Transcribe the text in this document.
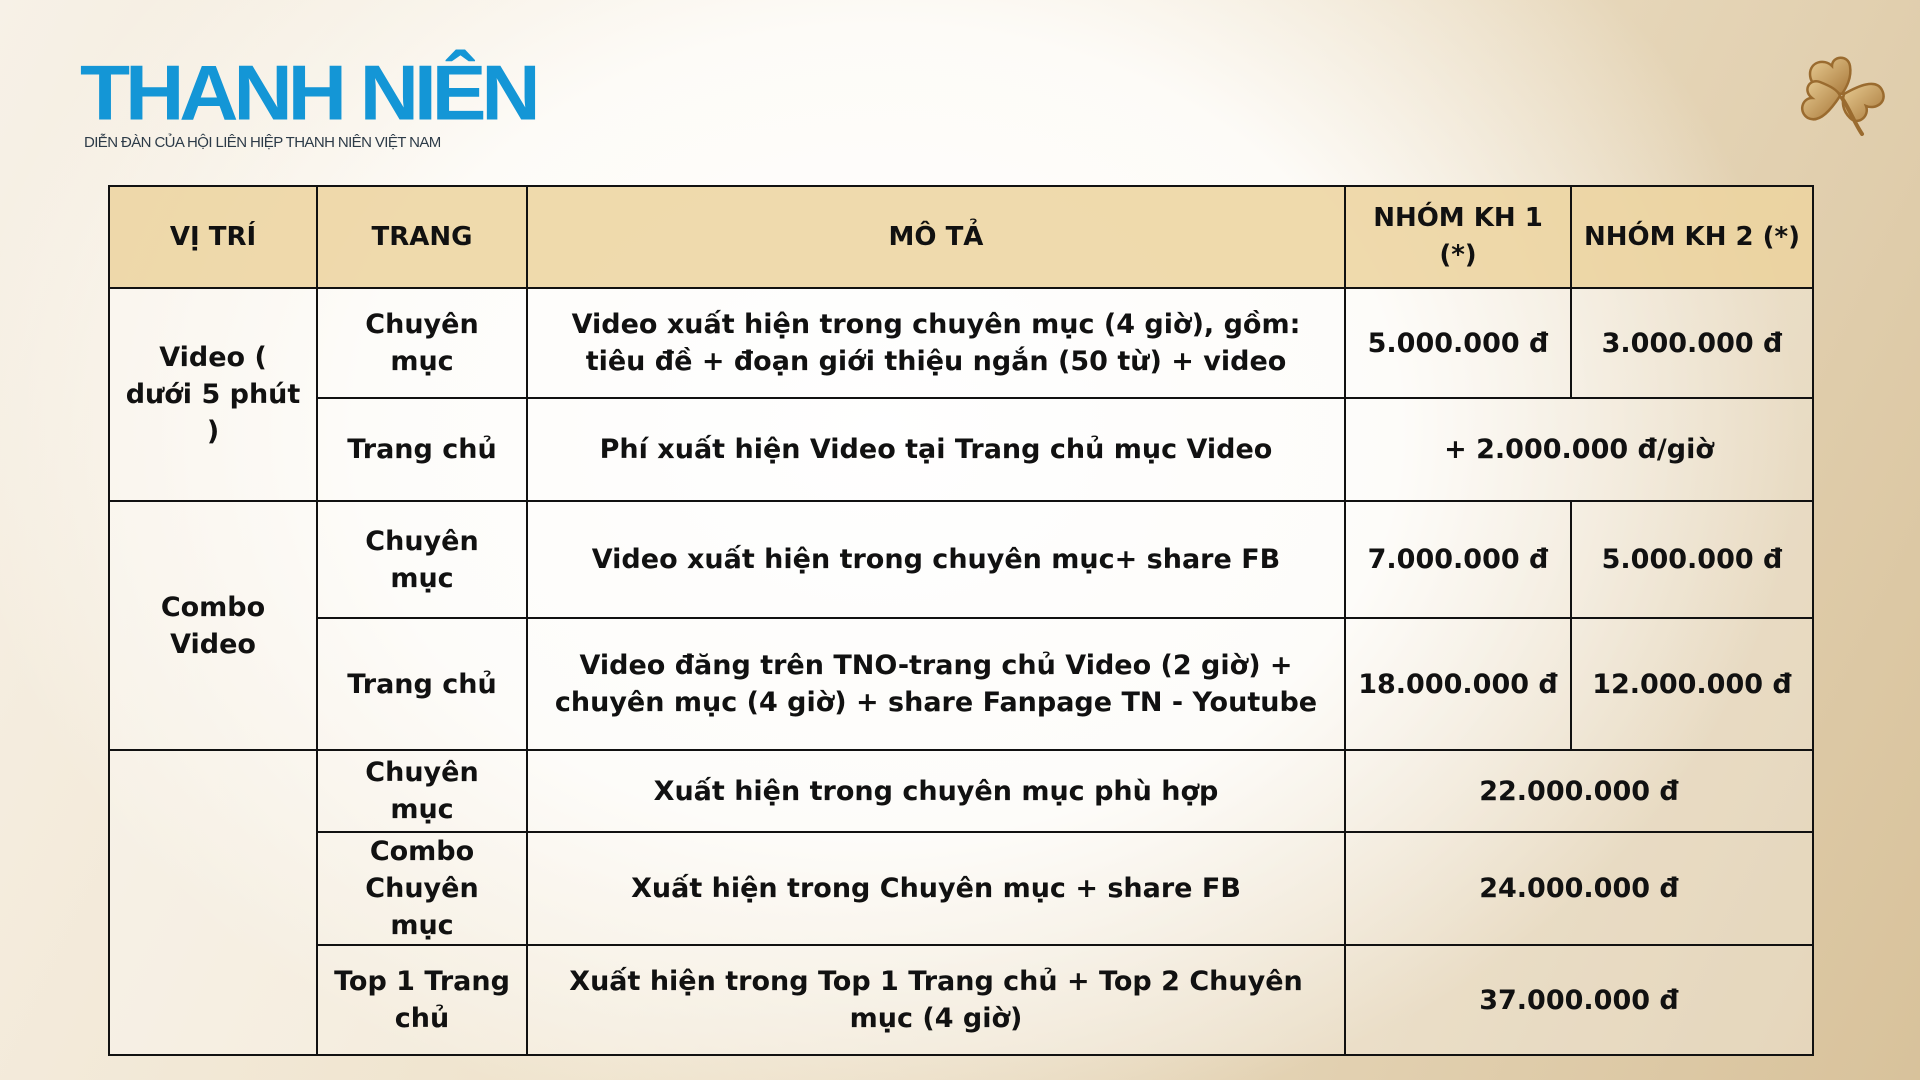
THANH NIÊN
DIỄN ĐÀN CỦA HỘI LIÊN HIỆP THANH NIÊN VIỆT NAM
VỊ TRÍ	TRANG	MÔ TẢ	NHÓM KH 1 (*)	NHÓM KH 2 (*)
Video ( dưới 5 phút )	Chuyên mục	Video xuất hiện trong chuyên mục (4 giờ), gồm: tiêu đề + đoạn giới thiệu ngắn (50 từ) + video	5.000.000 đ	3.000.000 đ
	Trang chủ	Phí xuất hiện Video tại Trang chủ mục Video	+ 2.000.000 đ/giờ	
Combo Video	Chuyên mục	Video xuất hiện trong chuyên mục+ share FB	7.000.000 đ	5.000.000 đ
	Trang chủ	Video đăng trên TNO-trang chủ Video (2 giờ) + chuyên mục (4 giờ) + share Fanpage TN - Youtube	18.000.000 đ	12.000.000 đ
	Chuyên mục	Xuất hiện trong chuyên mục phù hợp	22.000.000 đ	
	Combo Chuyên mục	Xuất hiện trong Chuyên mục + share FB	24.000.000 đ	
	Top 1 Trang chủ	Xuất hiện trong Top 1 Trang chủ + Top 2 Chuyên mục (4 giờ)	37.000.000 đ	
